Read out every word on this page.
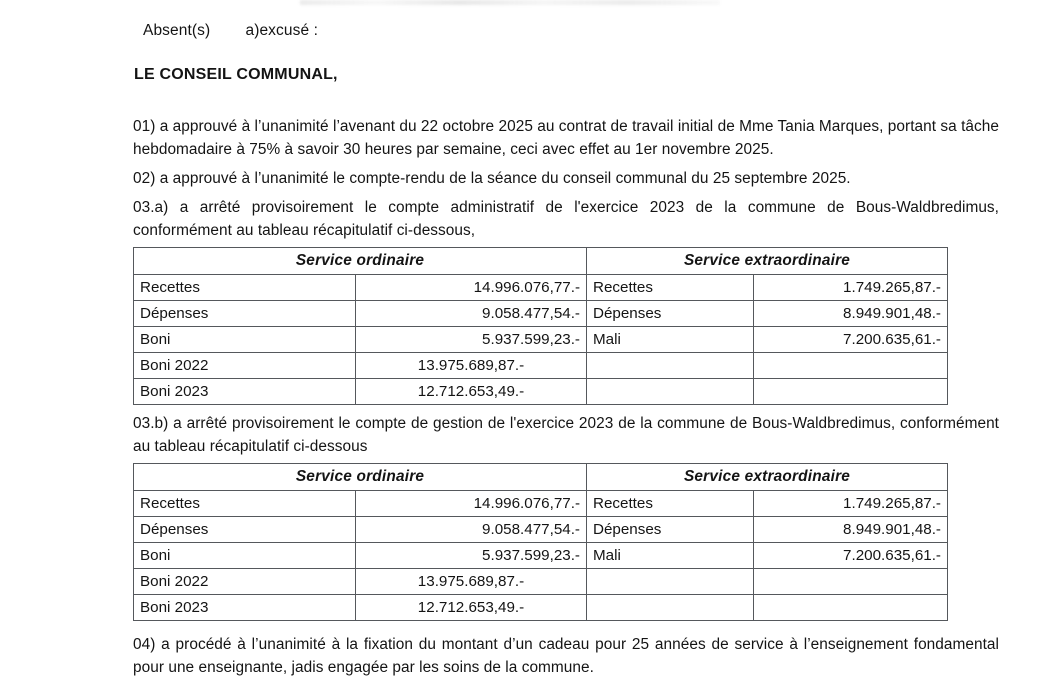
Absent(s)        a)excusé :

LE CONSEIL COMMUNAL,

01) a approuvé à l’unanimité l’avenant du 22 octobre 2025 au contrat de travail initial de Mme Tania Marques, portant sa tâche hebdomadaire à 75% à savoir 30 heures par semaine, ceci avec effet au 1er novembre 2025.

02) a approuvé à l’unanimité le compte-rendu de la séance du conseil communal du 25 septembre 2025.

03.a) a arrêté provisoirement le compte administratif de l'exercice 2023 de la commune de Bous-Waldbredimus, conformément au tableau récapitulatif ci-dessous,

Service ordinaire		Service extraordinaire	
Recettes	14.996.076,77.-	Recettes	1.749.265,87.-
Dépenses	9.058.477,54.-	Dépenses	8.949.901,48.-
Boni	5.937.599,23.-	Mali	7.200.635,61.-
Boni 2022	13.975.689,87.-		
Boni 2023	12.712.653,49.-		

03.b) a arrêté provisoirement le compte de gestion de l'exercice 2023 de la commune de Bous-Waldbredimus, conformément au tableau récapitulatif ci-dessous

Service ordinaire		Service extraordinaire	
Recettes	14.996.076,77.-	Recettes	1.749.265,87.-
Dépenses	9.058.477,54.-	Dépenses	8.949.901,48.-
Boni	5.937.599,23.-	Mali	7.200.635,61.-
Boni 2022	13.975.689,87.-		
Boni 2023	12.712.653,49.-		

04) a procédé à l’unanimité à la fixation du montant d’un cadeau pour 25 années de service à l’enseignement fondamental pour une enseignante, jadis engagée par les soins de la commune.
